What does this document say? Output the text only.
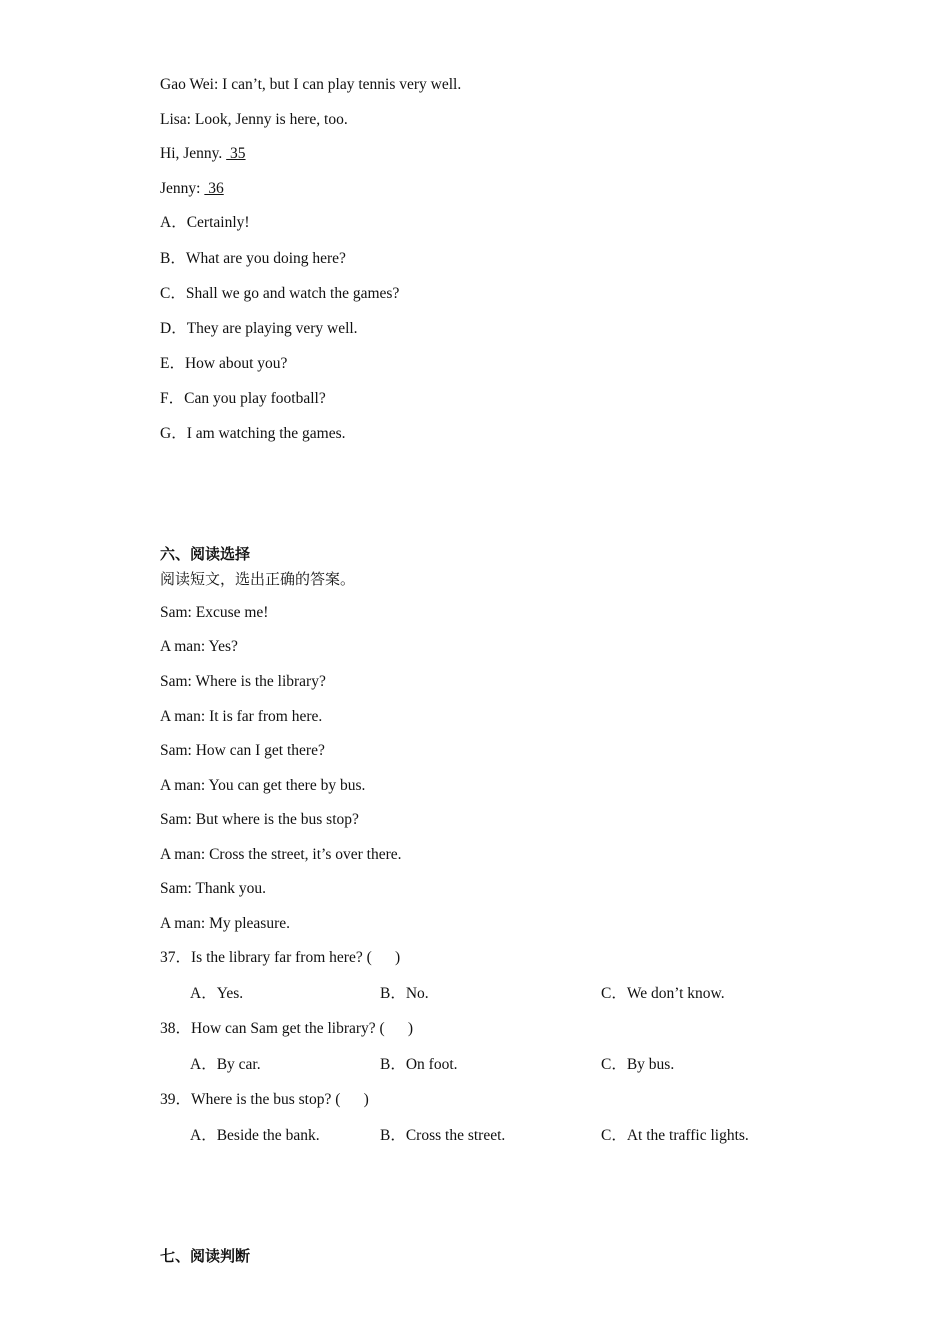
Gao Wei: I can’t, but I can play tennis very well.
Lisa: Look, Jenny is here, too.
Hi, Jenny.  35
Jenny:  36
A．Certainly!
B．What are you doing here?
C．Shall we go and watch the games?
D．They are playing very well.
E．How about you?
F．Can you play football?
G．I am watching the games.
六、阅读选择
阅读短文，选出正确的答案。
Sam: Excuse me!
A man: Yes?
Sam: Where is the library?
A man: It is far from here.
Sam: How can I get there?
A man: You can get there by bus.
Sam: But where is the bus stop?
A man: Cross the street, it’s over there.
Sam: Thank you.
A man: My pleasure.
37．Is the library far from here? (      )
A．Yes.	B．No.	C．We don’t know.
38．How can Sam get the library? (      )
A．By car.	B．On foot.	C．By bus.
39．Where is the bus stop? (      )
A．Beside the bank.	B．Cross the street.	C．At the traffic lights.
七、阅读判断
